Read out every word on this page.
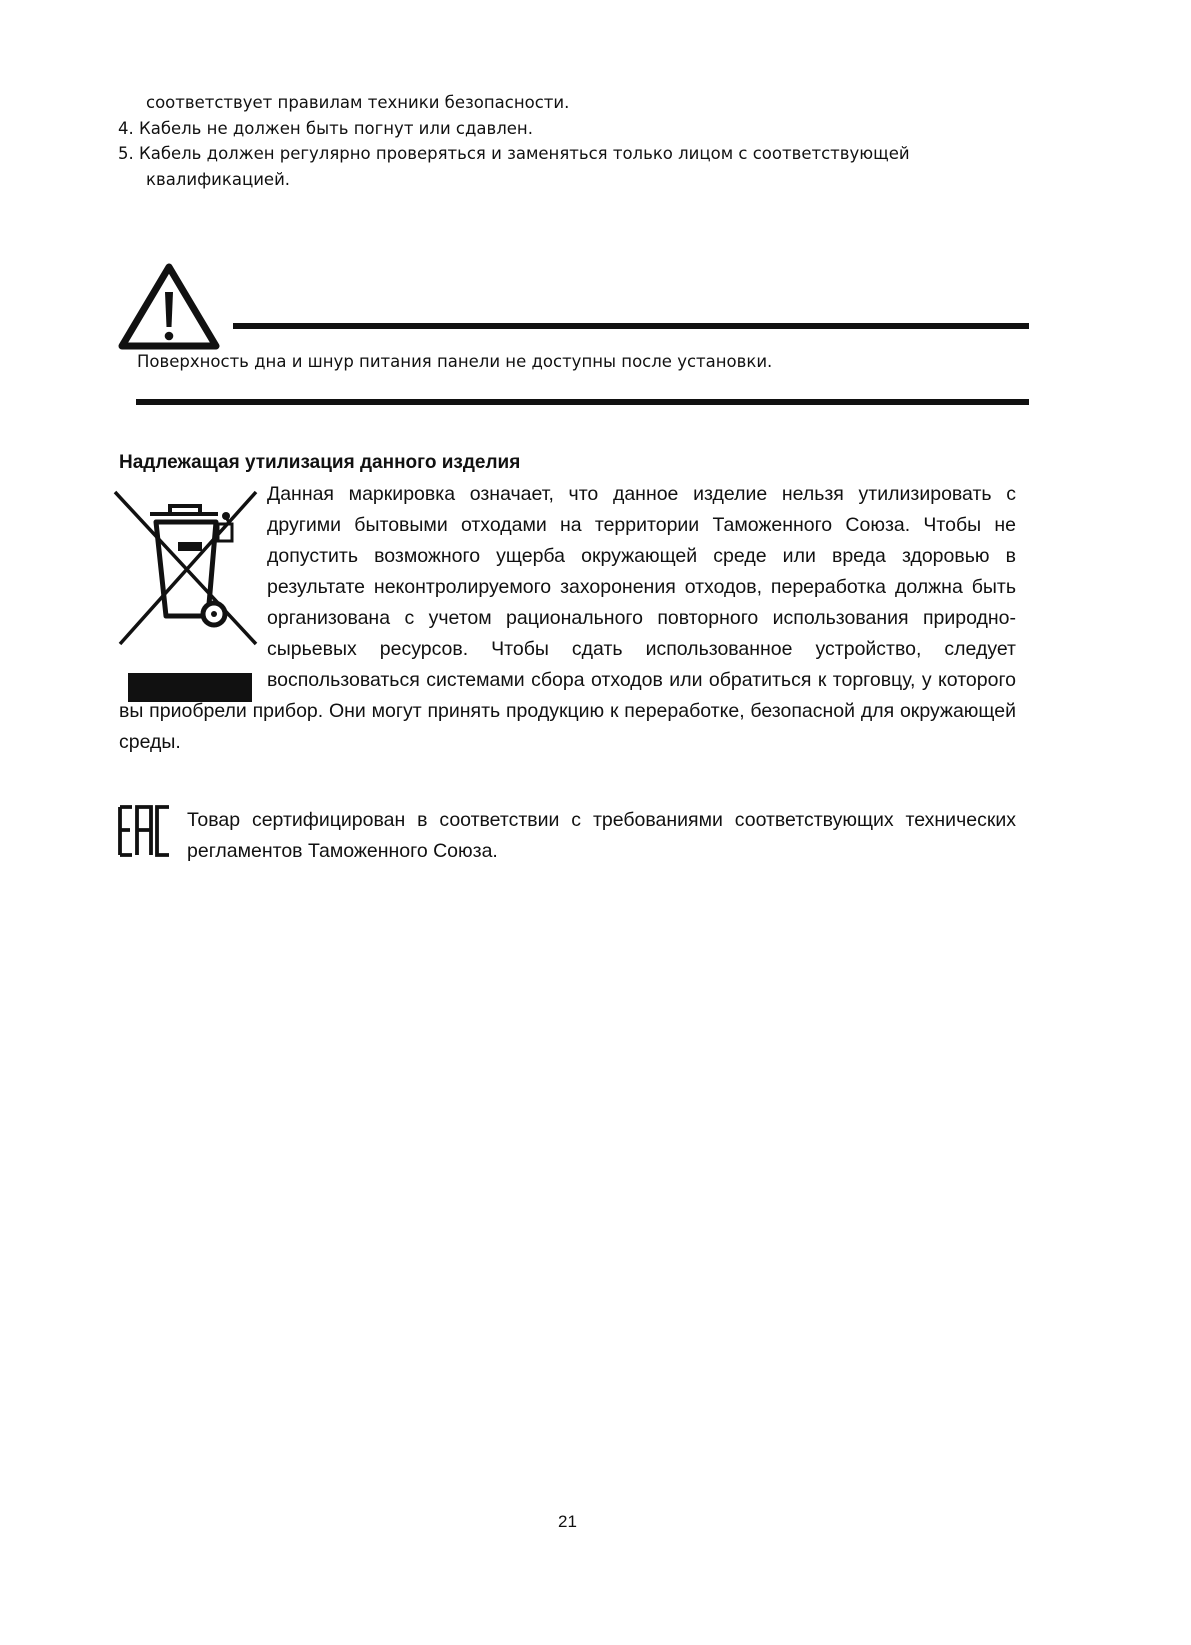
соответствует правилам техники безопасности.
4. Кабель не должен быть погнут или сдавлен.
5. Кабель должен регулярно проверяться и заменяться только лицом с соответствующей
квалификацией.
Поверхность дна и шнур питания панели не доступны после установки.
Надлежащая утилизация данного изделия

Данная маркировка означает, что данное изделие нельзя утилизировать с другими бытовыми отходами на территории Таможенного Союза. Чтобы не допустить возможного ущерба окружающей среде или вреда здоровью в результате неконтролируемого захоронения отходов, переработка должна быть организована с учетом рационального повторного использования природно-сырьевых ресурсов. Чтобы сдать использованное устройство, следует воспользоваться системами сбора отходов или обратиться к торговцу, у которого вы приобрели прибор. Они могут принять продукцию к переработке, безопасной для окружающей среды.

Товар сертифицирован в соответствии с требованиями соответствующих технических регламентов Таможенного Союза.

21
